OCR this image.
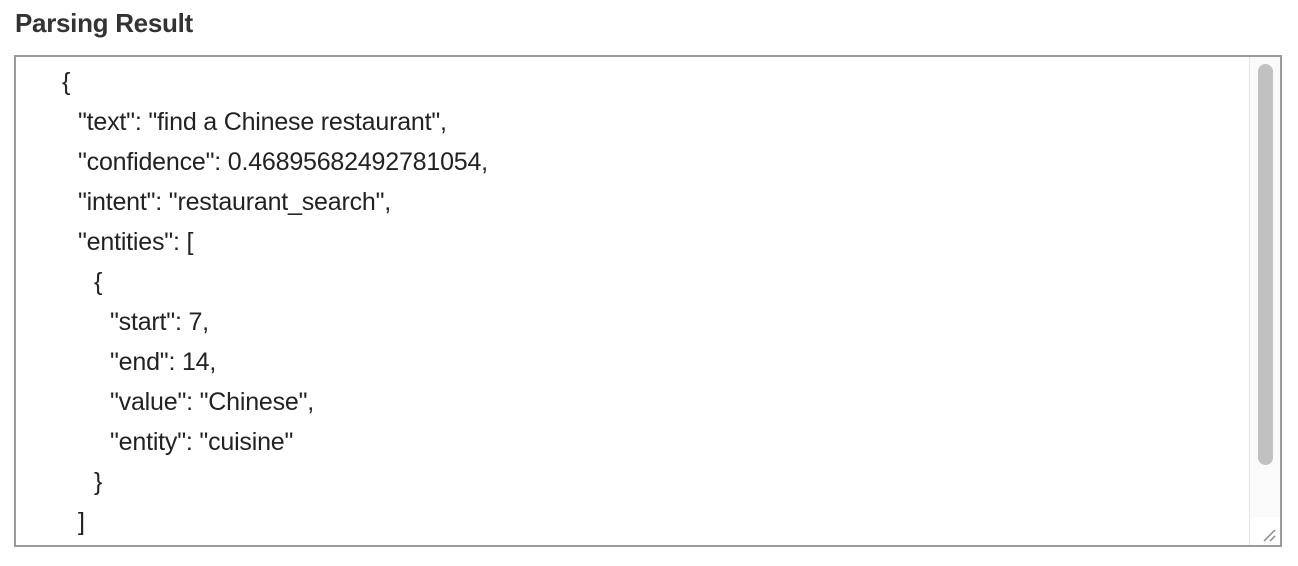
Parsing Result
{
"text": "find a Chinese restaurant",
"confidence": 0.46895682492781054,
"intent": "restaurant_search",
"entities": [
{
"start": 7,
"end": 14,
"value": "Chinese",
"entity": "cuisine"
}
]
